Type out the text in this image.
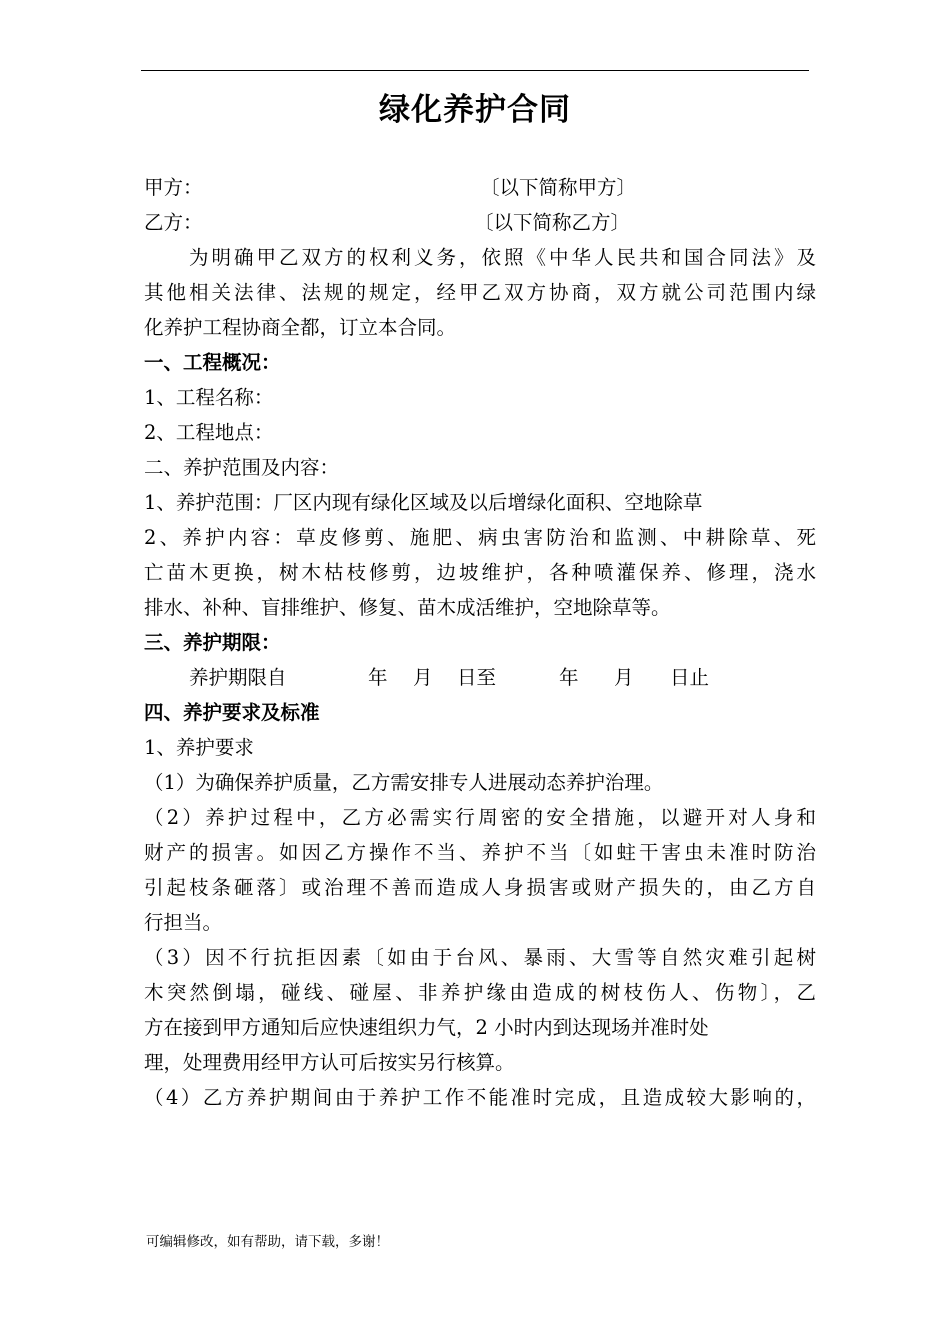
绿化养护合同
甲方：	〔以下简称甲方〕
乙方：	〔以下简称乙方〕
为明确甲乙双方的权利义务，依照《中华人民共和国合同法》及
其他相关法律、法规的规定，经甲乙双方协商，双方就公司范围内绿
化养护工程协商全都，订立本合同。
一、工程概况：
1、工程名称：
2、工程地点：
二、养护范围及内容：
1、养护范围：厂区内现有绿化区域及以后增绿化面积、空地除草
2、养护内容：草皮修剪、施肥、病虫害防治和监测、中耕除草、死
亡苗木更换，树木枯枝修剪，边坡维护，各种喷灌保养、修理，浇水
排水、补种、盲排维护、修复、苗木成活维护，空地除草等。
三、养护期限：
养护期限自	年 月 日至	年 月 日止
四、养护要求及标准
1、养护要求
（1）为确保养护质量，乙方需安排专人进展动态养护治理。
（2）养护过程中，乙方必需实行周密的安全措施，以避开对人身和
财产的损害。如因乙方操作不当、养护不当〔如蛀干害虫未准时防治
引起枝条砸落〕或治理不善而造成人身损害或财产损失的，由乙方自
行担当。
（3）因不行抗拒因素〔如由于台风、暴雨、大雪等自然灾难引起树
木突然倒塌，碰线、碰屋、非养护缘由造成的树枝伤人、伤物〕，乙
方在接到甲方通知后应快速组织力气，2 小时内到达现场并准时处
理，处理费用经甲方认可后按实另行核算。
（4）乙方养护期间由于养护工作不能准时完成，且造成较大影响的，
可编辑修改，如有帮助，请下载，多谢！
